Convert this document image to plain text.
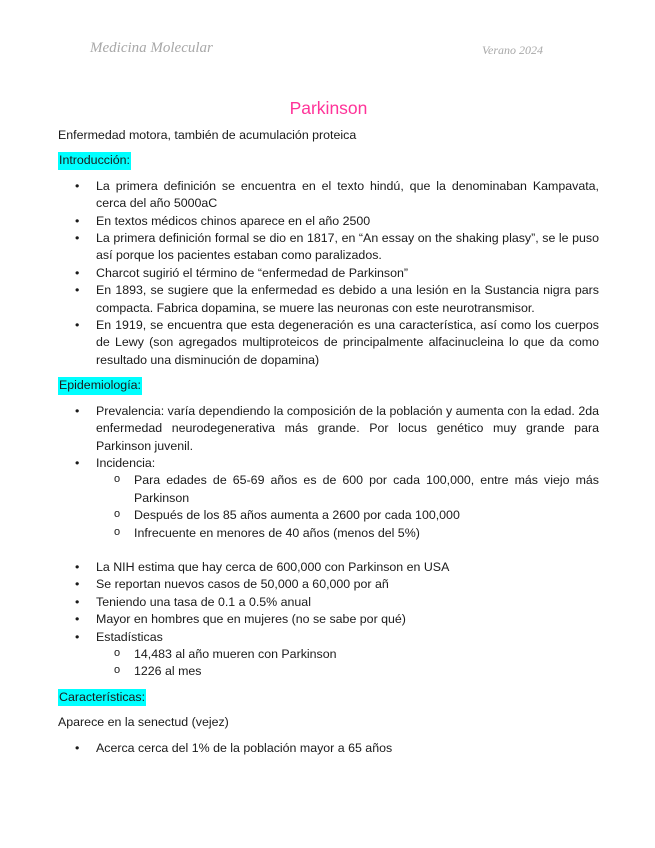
Medicina Molecular	Verano 2024
Parkinson
Enfermedad motora, también de acumulación proteica
Introducción:
• La primera definición se encuentra en el texto hindú, que la denominaban Kampavata, cerca del año 5000aC
• En textos médicos chinos aparece en el año 2500
• La primera definición formal se dio en 1817, en “An essay on the shaking plasy”, se le puso así porque los pacientes estaban como paralizados.
• Charcot sugirió el término de “enfermedad de Parkinson”
• En 1893, se sugiere que la enfermedad es debido a una lesión en la Sustancia nigra pars compacta. Fabrica dopamina, se muere las neuronas con este neurotransmisor.
• En 1919, se encuentra que esta degeneración es una característica, así como los cuerpos de Lewy (son agregados multiproteicos de principalmente alfacinucleina lo que da como resultado una disminución de dopamina)
Epidemiología:
• Prevalencia: varía dependiendo la composición de la población y aumenta con la edad. 2da enfermedad neurodegenerativa más grande. Por locus genético muy grande para Parkinson juvenil.
• Incidencia:
o Para edades de 65-69 años es de 600 por cada 100,000, entre más viejo más Parkinson
o Después de los 85 años aumenta a 2600 por cada 100,000
o Infrecuente en menores de 40 años (menos del 5%)
• La NIH estima que hay cerca de 600,000 con Parkinson en USA
• Se reportan nuevos casos de 50,000 a 60,000 por añ
• Teniendo una tasa de 0.1 a 0.5% anual
• Mayor en hombres que en mujeres (no se sabe por qué)
• Estadísticas
o 14,483 al año mueren con Parkinson
o 1226 al mes
Características:
Aparece en la senectud (vejez)
• Acerca cerca del 1% de la población mayor a 65 años
